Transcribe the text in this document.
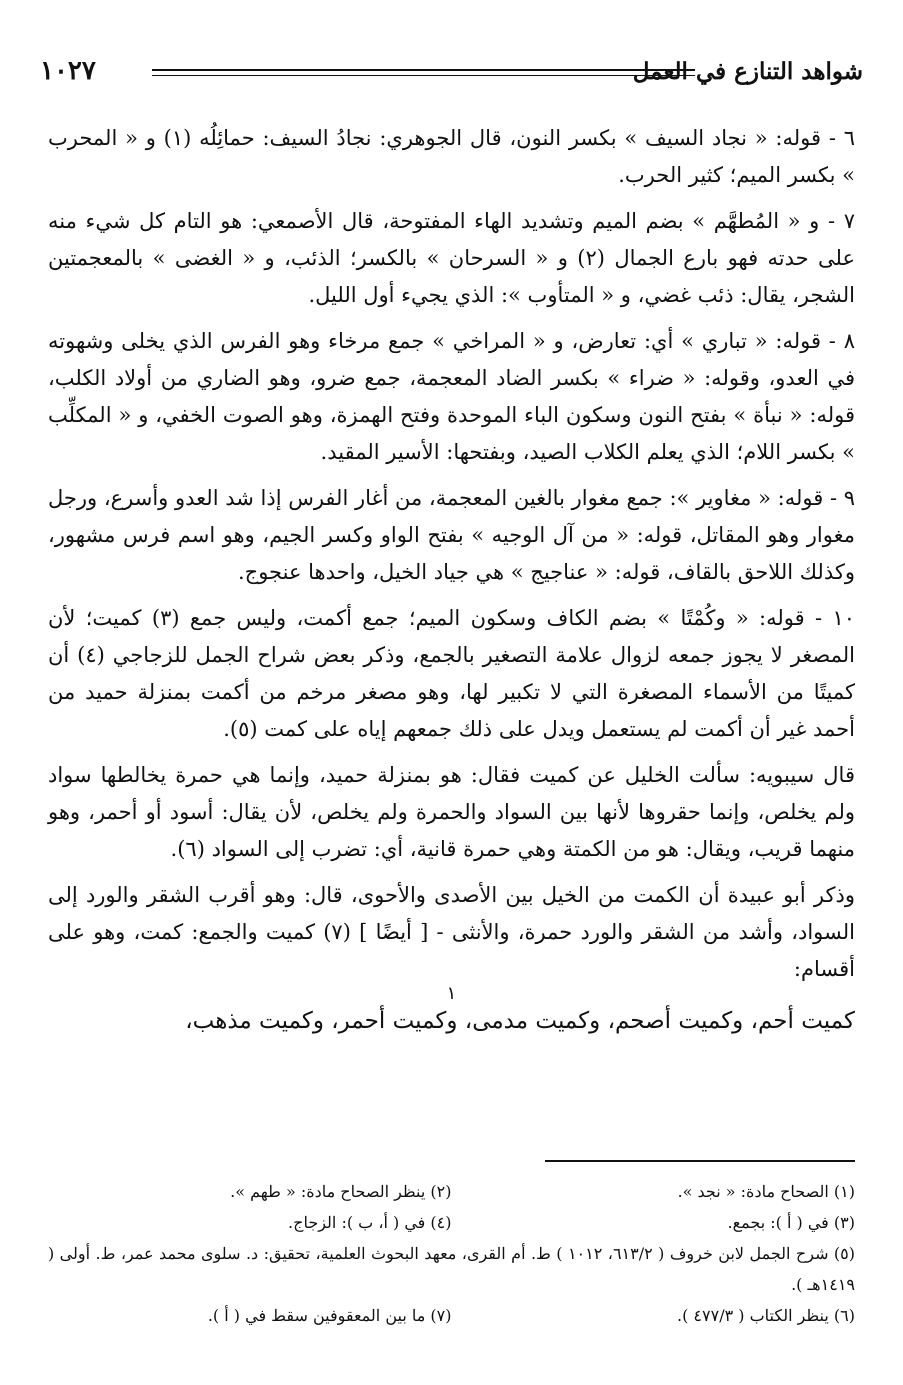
شواهد التنازع في العمل
١٠٢٧

٦ - قوله: « نجاد السيف » بكسر النون، قال الجوهري: نجادُ السيف: حمائِلُه (١) و « المحرب » بكسر الميم؛ كثير الحرب.

٧ - و « المُطهَّم » بضم الميم وتشديد الهاء المفتوحة، قال الأصمعي: هو التام كل شيء منه على حدته فهو بارع الجمال (٢) و « السرحان » بالكسر؛ الذئب، و « الغضى » بالمعجمتين الشجر، يقال: ذئب غضي، و « المتأوب »: الذي يجيء أول الليل.

٨ - قوله: « تباري » أي: تعارض، و « المراخي » جمع مرخاء وهو الفرس الذي يخلى وشهوته في العدو، وقوله: « ضراء » بكسر الضاد المعجمة، جمع ضرو، وهو الضاري من أولاد الكلب، قوله: « نبأة » بفتح النون وسكون الباء الموحدة وفتح الهمزة، وهو الصوت الخفي، و « المكلِّب » بكسر اللام؛ الذي يعلم الكلاب الصيد، وبفتحها: الأسير المقيد.

٩ - قوله: « مغاوير »: جمع مغوار بالغين المعجمة، من أغار الفرس إذا شد العدو وأسرع، ورجل مغوار وهو المقاتل، قوله: « من آل الوجيه » بفتح الواو وكسر الجيم، وهو اسم فرس مشهور، وكذلك اللاحق بالقاف، قوله: « عناجيج » هي جياد الخيل، واحدها عنجوج.

١٠ - قوله: « وكُمْتًا » بضم الكاف وسكون الميم؛ جمع أكمت، وليس جمع (٣) كميت؛ لأن المصغر لا يجوز جمعه لزوال علامة التصغير بالجمع، وذكر بعض شراح الجمل للزجاجي (٤) أن كميتًا من الأسماء المصغرة التي لا تكبير لها، وهو مصغر مرخم من أكمت بمنزلة حميد من أحمد غير أن أكمت لم يستعمل ويدل على ذلك جمعهم إياه على كمت (٥).

قال سيبويه: سألت الخليل عن كميت فقال: هو بمنزلة حميد، وإنما هي حمرة يخالطها سواد ولم يخلص، وإنما حقروها لأنها بين السواد والحمرة ولم يخلص، لأن يقال: أسود أو أحمر، وهو منهما قريب، ويقال: هو من الكمتة وهي حمرة قانية، أي: تضرب إلى السواد (٦).

وذكر أبو عبيدة أن الكمت من الخيل بين الأصدى والأحوى، قال: وهو أقرب الشقر والورد إلى السواد، وأشد من الشقر والورد حمرة، والأنثى - [ أيضًا ] (٧) كميت والجمع: كمت، وهو على أقسام:

١

كميت أحم، وكميت أصحم، وكميت مدمى، وكميت أحمر، وكميت مذهب،

(١) الصحاح مادة: « نجد ».
(٢) ينظر الصحاح مادة: « طهم ».
(٣) في ( أ ): بجمع.
(٤) في ( أ، ب ): الزجاج.
(٥) شرح الجمل لابن خروف ( ٦١٣/٢، ١٠١٢ ) ط. أم القرى، معهد البحوث العلمية، تحقيق: د. سلوى محمد عمر، ط. أولى ( ١٤١٩هـ ).
(٦) ينظر الكتاب ( ٤٧٧/٣ ).
(٧) ما بين المعقوفين سقط في ( أ ).
